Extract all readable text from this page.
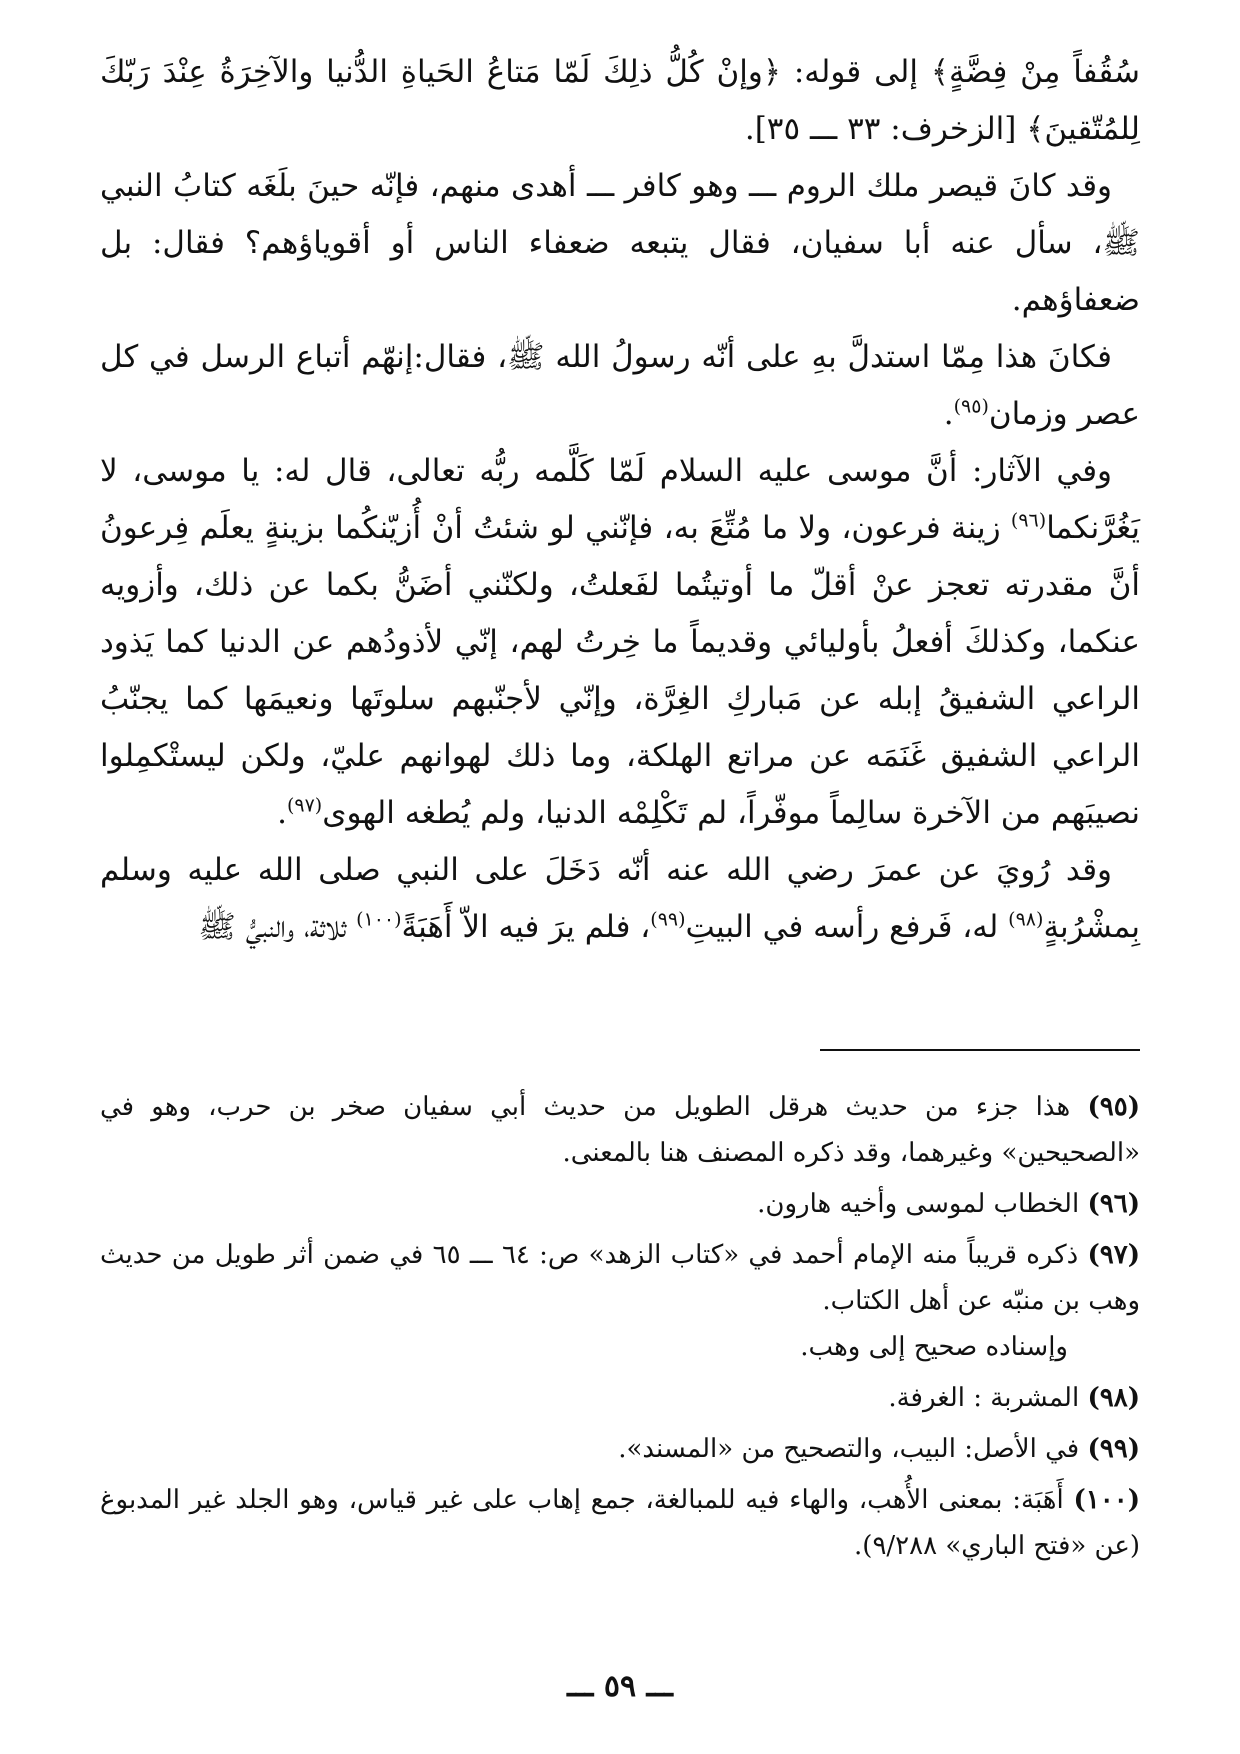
سُقُفاً مِنْ فِضَّةٍ﴾ إلى قوله: ﴿وإنْ كُلُّ ذلِكَ لَمّا مَتاعُ الحَياةِ الدُّنيا والآخِرَةُ عِنْدَ رَبّكَ لِلمُتّقينَ﴾ [الزخرف: ٣٣ ـــ ٣٥].

وقد كانَ قيصر ملك الروم ـــ وهو كافر ـــ أهدى منهم، فإنّه حينَ بلَغَه كتابُ النبي ﷺ، سأل عنه أبا سفيان، فقال يتبعه ضعفاء الناس أو أقوياؤهم؟ فقال: بل ضعفاؤهم.

فكانَ هذا مِمّا استدلَّ بهِ على أنّه رسولُ الله ﷺ، فقال:إنهّم أتباع الرسل في كل عصر وزمان$^{(٩٥)}$.

وفي الآثار: أنَّ موسى عليه السلام لَمّا كَلَّمه ربُّه تعالى، قال له: يا موسى، لا يَغُرَّنكما$^{(٩٦)}$ زينة فرعون، ولا ما مُتِّعَ به، فإنّني لو شئتُ أنْ أُزيّنكُما بزينةٍ يعلَم فِرعونُ أنَّ مقدرته تعجز عنْ أقلّ ما أوتيتُما لفَعلتُ، ولكنّني أضَنُّ بكما عن ذلك، وأزويه عنكما، وكذلكَ أفعلُ بأوليائي وقديماً ما خِرتُ لهم، إنّي لأذودُهم عن الدنيا كما يَذود الراعي الشفيقُ إبله عن مَباركِ الغِرَّة، وإنّي لأجنّبهم سلوتَها ونعيمَها كما يجنّبُ الراعي الشفيق غَنَمَه عن مراتع الهلكة، وما ذلك لهوانهم عليّ، ولكن ليستْكمِلوا نصيبَهم من الآخرة سالِماً موفّراً، لم تَكْلِمْه الدنيا، ولم يُطغه الهوى$^{(٩٧)}$.

وقد رُويَ عن عمرَ رضي الله عنه أنّه دَخَلَ على النبي صلى الله عليه وسلم بِمشْرُبةٍ$^{(٩٨)}$ له، فَرفع رأسه في البيتِ$^{(٩٩)}$، فلم يرَ فيه الاّ أَهَبَةً$^{(١٠٠)}$ ثلاثة، والنبيُّ ﷺ

(٩٥) هذا جزء من حديث هرقل الطويل من حديث أبي سفيان صخر بن حرب، وهو في «الصحيحين» وغيرهما، وقد ذكره المصنف هنا بالمعنى.

(٩٦) الخطاب لموسى وأخيه هارون.

(٩٧) ذكره قريباً منه الإمام أحمد في «كتاب الزهد» ص: ٦٤ ـــ ٦٥ في ضمن أثر طويل من حديث وهب بن منبّه عن أهل الكتاب.

وإسناده صحيح إلى وهب.

(٩٨) المشربة : الغرفة.

(٩٩) في الأصل: البيب، والتصحيح من «المسند».

(١٠٠) أَهَبَة: بمعنى الأُهب، والهاء فيه للمبالغة، جمع إهاب على غير قياس، وهو الجلد غير المدبوغ (عن «فتح الباري» ٩/٢٨٨).

ـــ ٥٩ ـــ
